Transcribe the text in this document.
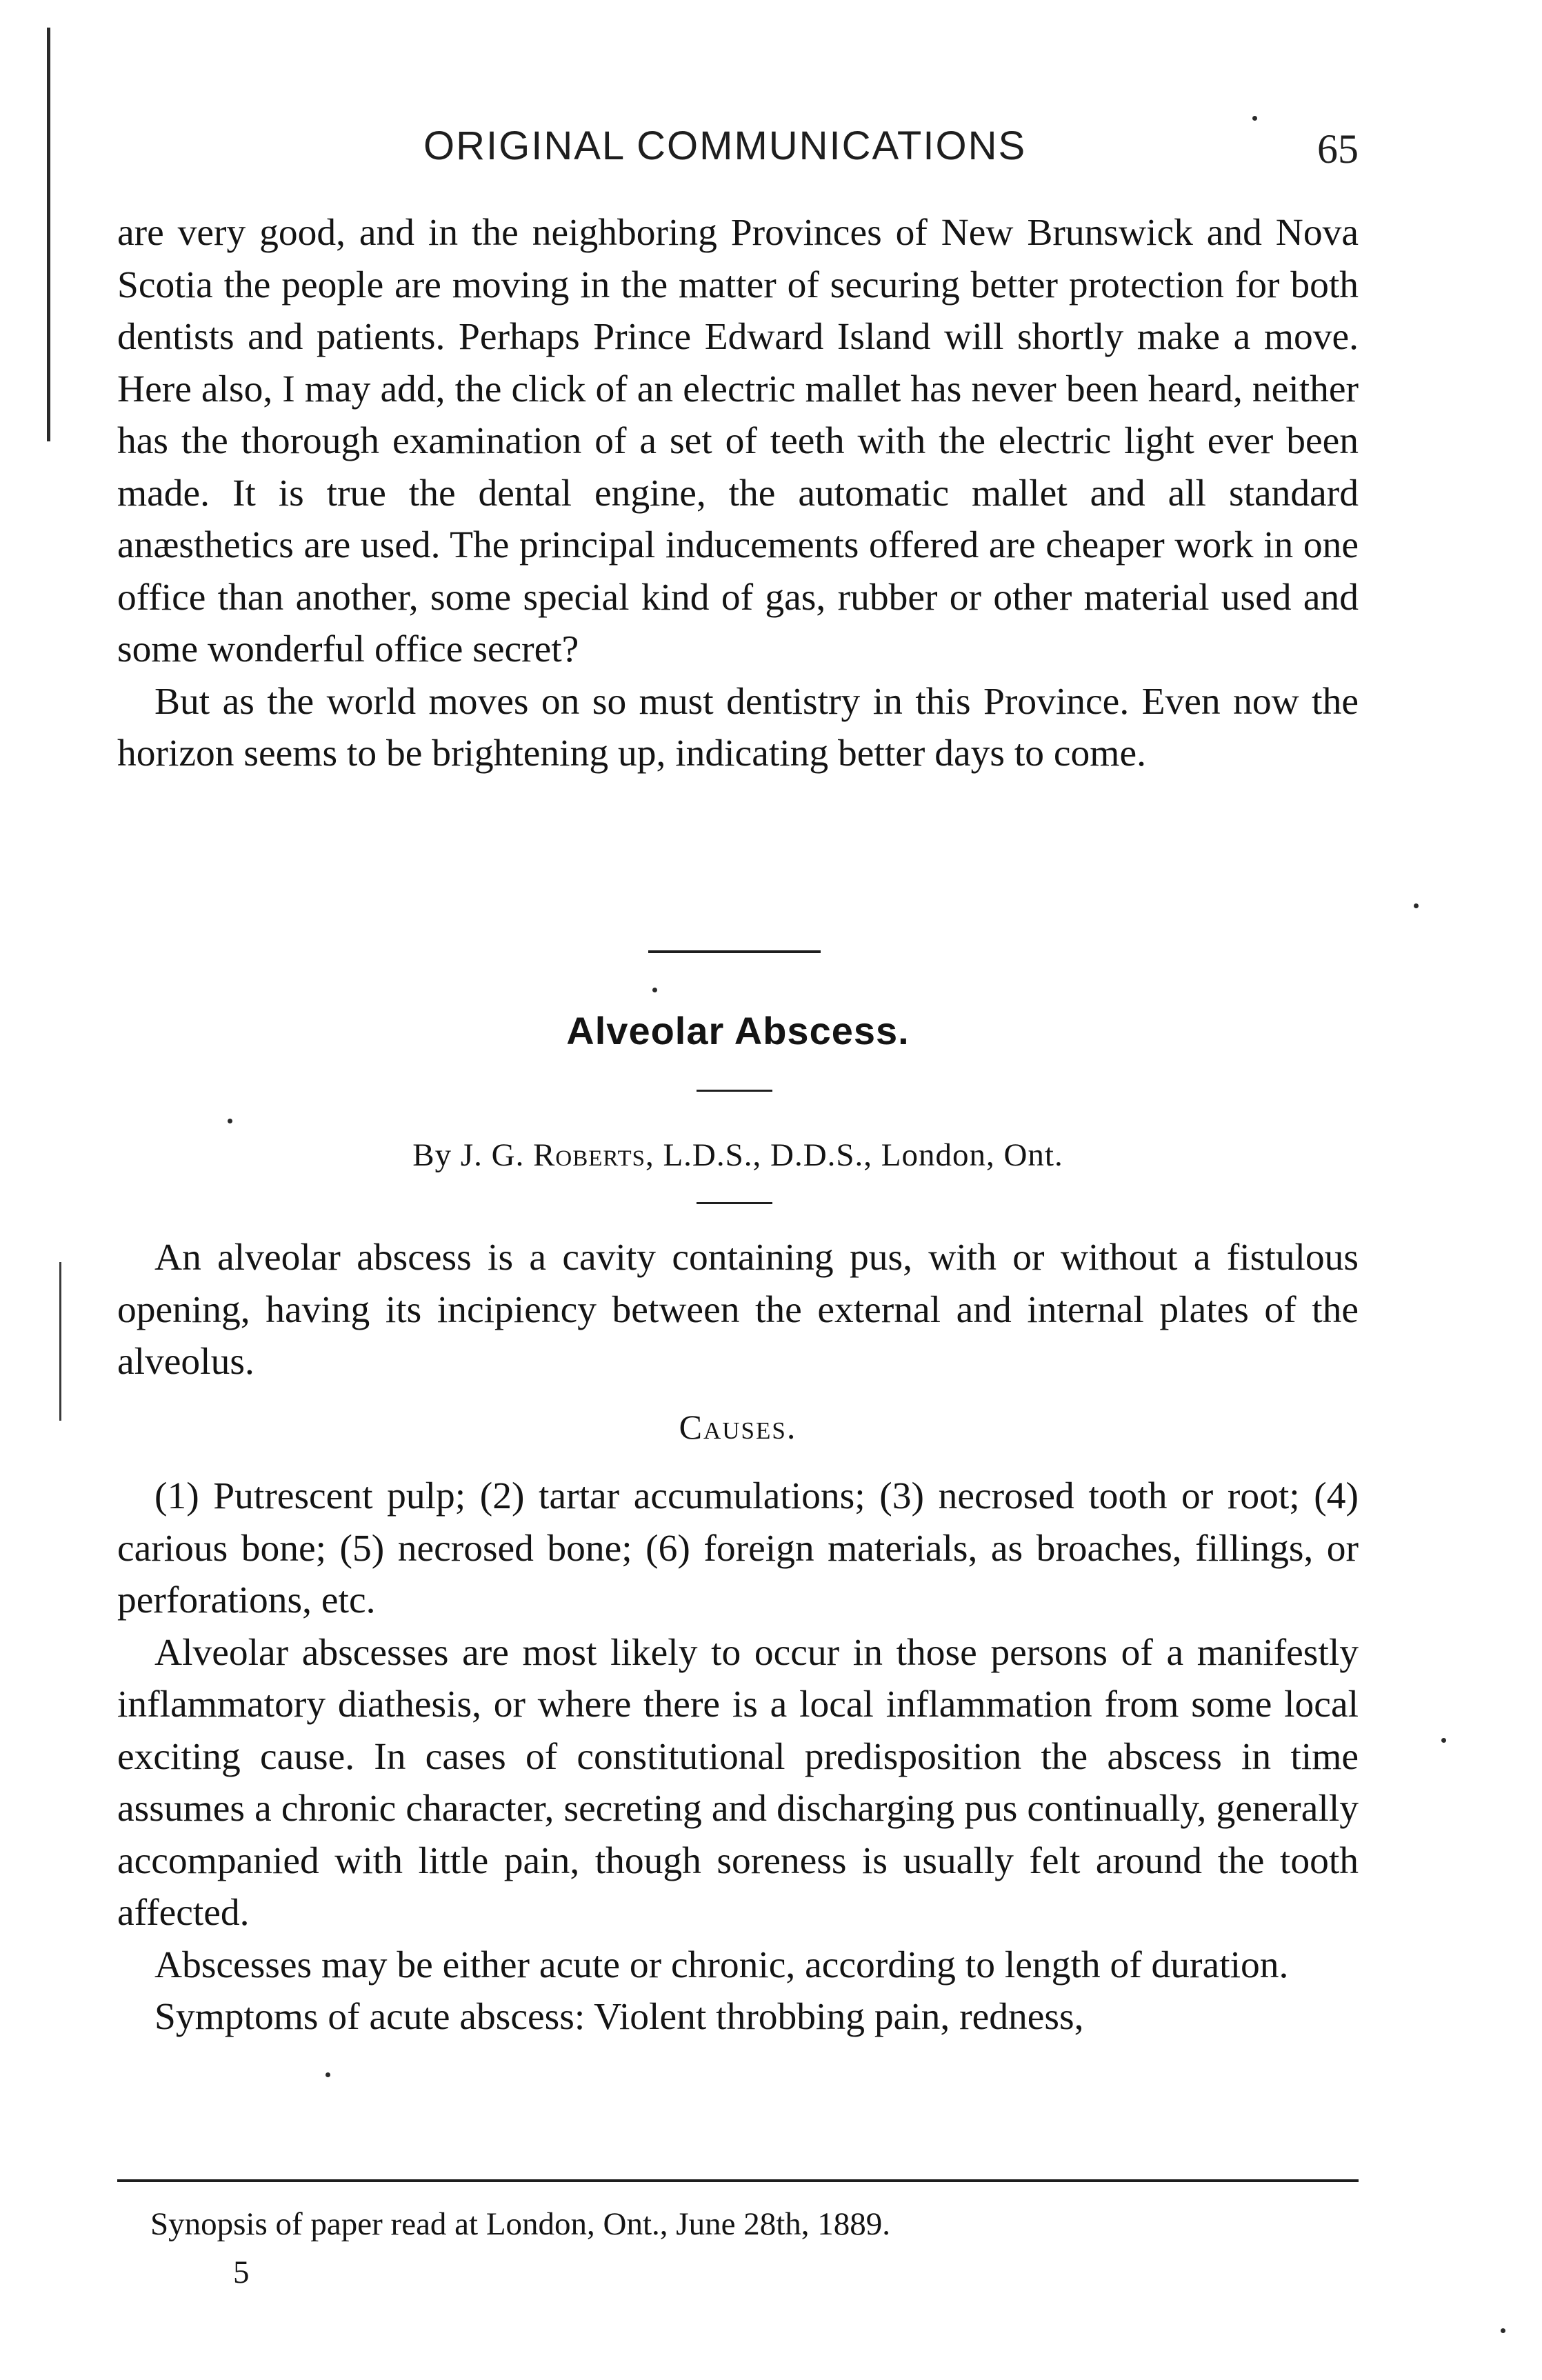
ORIGINAL COMMUNICATIONS	65

are very good, and in the neighboring Provinces of New Brunswick and Nova Scotia the people are moving in the matter of securing better protection for both dentists and patients. Perhaps Prince Edward Island will shortly make a move. Here also, I may add, the click of an electric mallet has never been heard, neither has the thorough examination of a set of teeth with the electric light ever been made. It is true the dental engine, the automatic mallet and all standard anæsthetics are used. The principal inducements offered are cheaper work in one office than another, some special kind of gas, rubber or other material used and some wonderful office secret?

But as the world moves on so must dentistry in this Province. Even now the horizon seems to be brightening up, indicating better days to come.

Alveolar Abscess.
By J. G. Roberts, L.D.S., D.D.S., London, Ont.

An alveolar abscess is a cavity containing pus, with or without a fistulous opening, having its incipiency between the external and internal plates of the alveolus.

Causes.

(1) Putrescent pulp; (2) tartar accumulations; (3) necrosed tooth or root; (4) carious bone; (5) necrosed bone; (6) foreign materials, as broaches, fillings, or perforations, etc.

Alveolar abscesses are most likely to occur in those persons of a manifestly inflammatory diathesis, or where there is a local inflammation from some local exciting cause. In cases of constitutional predisposition the abscess in time assumes a chronic character, secreting and discharging pus continually, generally accompanied with little pain, though soreness is usually felt around the tooth affected.

Abscesses may be either acute or chronic, according to length of duration.

Symptoms of acute abscess: Violent throbbing pain, redness,

Synopsis of paper read at London, Ont., June 28th, 1889.
5
